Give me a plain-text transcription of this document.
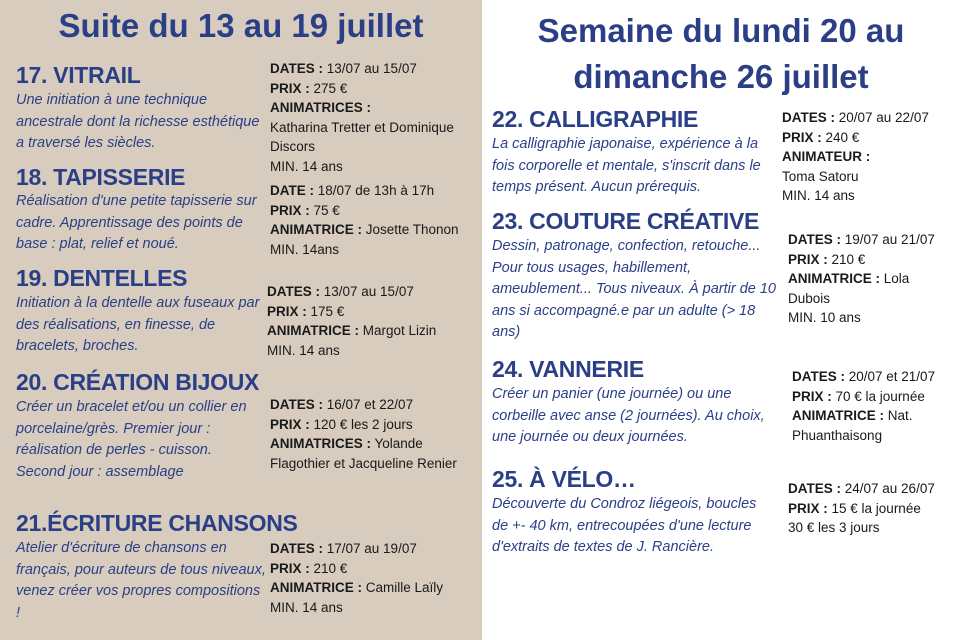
Suite du 13 au 19 juillet
17. VITRAIL
Une initiation à une technique ancestrale dont la richesse esthétique a traversé les siècles.
DATES : 13/07 au 15/07
PRIX : 275 €
ANIMATRICES :
Katharina Tretter et Dominique Discors
MIN. 14 ans
18. TAPISSERIE
Réalisation d'une petite tapisserie sur cadre. Apprentissage des points de base : plat, relief et noué.
DATE : 18/07 de 13h à 17h
PRIX : 75 €
ANIMATRICE : Josette Thonon
MIN. 14ans
19. DENTELLES
Initiation à la dentelle aux fuseaux par des réalisations, en finesse, de bracelets, broches.
DATES : 13/07 au 15/07
PRIX : 175 €
ANIMATRICE : Margot Lizin
MIN. 14 ans
20. CRÉATION BIJOUX
Créer un bracelet et/ou un collier en porcelaine/grès. Premier jour : réalisation de perles - cuisson. Second jour : assemblage
DATES : 16/07 et 22/07
PRIX : 120 € les 2 jours
ANIMATRICES : Yolande Flagothier et Jacqueline Renier
21.ÉCRITURE CHANSONS
Atelier d'écriture de chansons en français, pour auteurs de tous niveaux, venez créer vos propres compositions !
DATES : 17/07 au 19/07
PRIX : 210 €
ANIMATRICE : Camille Laïly
MIN. 14 ans
Semaine du lundi 20 au
dimanche 26 juillet
22. CALLIGRAPHIE
La calligraphie japonaise, expérience à la fois corporelle et mentale, s'inscrit dans le temps présent. Aucun prérequis.
DATES : 20/07 au 22/07
PRIX : 240 €
ANIMATEUR :
Toma Satoru
MIN. 14 ans
23. COUTURE CRÉATIVE
Dessin, patronage, confection, retouche... Pour tous usages, habillement, ameublement... Tous niveaux. À partir de 10 ans si accompagné.e par un adulte (> 18 ans)
DATES : 19/07 au 21/07
PRIX : 210 €
ANIMATRICE : Lola Dubois
MIN. 10 ans
24. VANNERIE
Créer un panier (une journée) ou une corbeille avec anse (2 journées). Au choix, une journée ou deux journées.
DATES : 20/07 et 21/07
PRIX : 70 € la journée
ANIMATRICE : Nat. Phuanthaisong
25. À VÉLO…
Découverte du Condroz liégeois, boucles de +- 40 km, entrecoupées d'une lecture d'extraits de textes de J. Rancière.
DATES : 24/07 au 26/07
PRIX : 15 € la journée
30 € les 3 jours
